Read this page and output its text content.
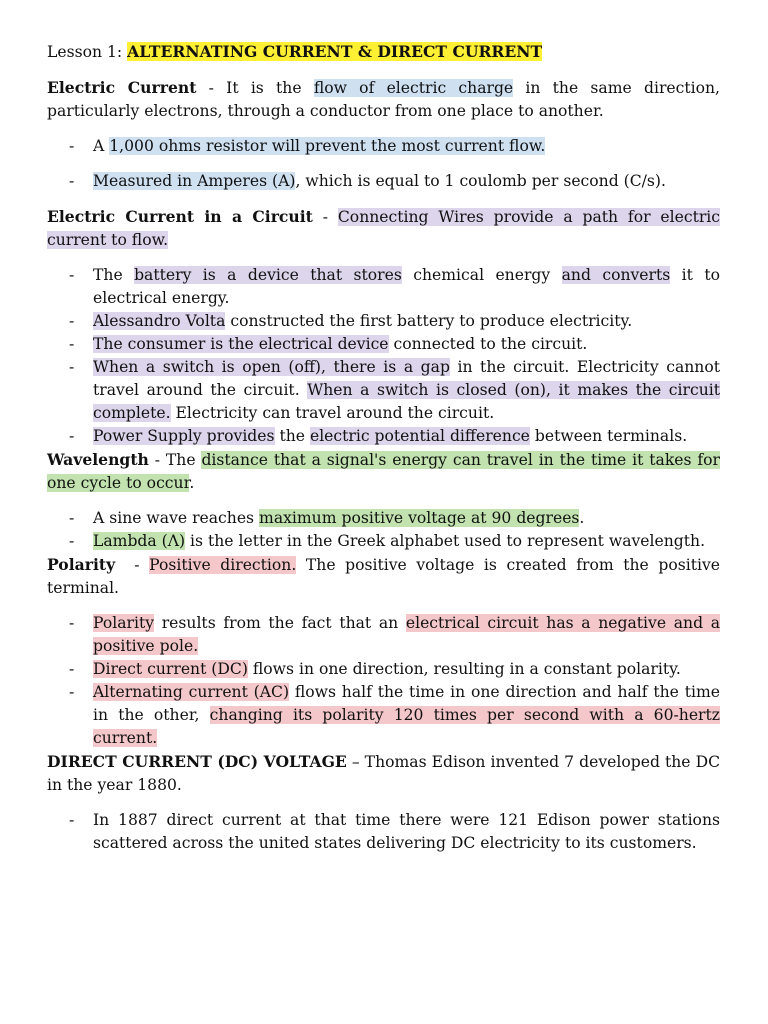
Lesson 1: ALTERNATING CURRENT & DIRECT CURRENT

Electric Current - It is the flow of electric charge in the same direction, particularly electrons, through a conductor from one place to another.

- A 1,000 ohms resistor will prevent the most current flow.
- Measured in Amperes (A), which is equal to 1 coulomb per second (C/s).

Electric Current in a Circuit - Connecting Wires provide a path for electric current to flow.

- The battery is a device that stores chemical energy and converts it to electrical energy.
- Alessandro Volta constructed the first battery to produce electricity.
- The consumer is the electrical device connected to the circuit.
- When a switch is open (off), there is a gap in the circuit. Electricity cannot travel around the circuit. When a switch is closed (on), it makes the circuit complete. Electricity can travel around the circuit.
- Power Supply provides the electric potential difference between terminals.

Wavelength - The distance that a signal's energy can travel in the time it takes for one cycle to occur.

- A sine wave reaches maximum positive voltage at 90 degrees.
- Lambda (Λ) is the letter in the Greek alphabet used to represent wavelength.

Polarity  - Positive direction. The positive voltage is created from the positive terminal.

- Polarity results from the fact that an electrical circuit has a negative and a positive pole.
- Direct current (DC) flows in one direction, resulting in a constant polarity.
- Alternating current (AC) flows half the time in one direction and half the time in the other, changing its polarity 120 times per second with a 60-hertz current.

DIRECT CURRENT (DC) VOLTAGE – Thomas Edison invented 7 developed the DC in the year 1880.

- In 1887 direct current at that time there were 121 Edison power stations scattered across the united states delivering DC electricity to its customers.
